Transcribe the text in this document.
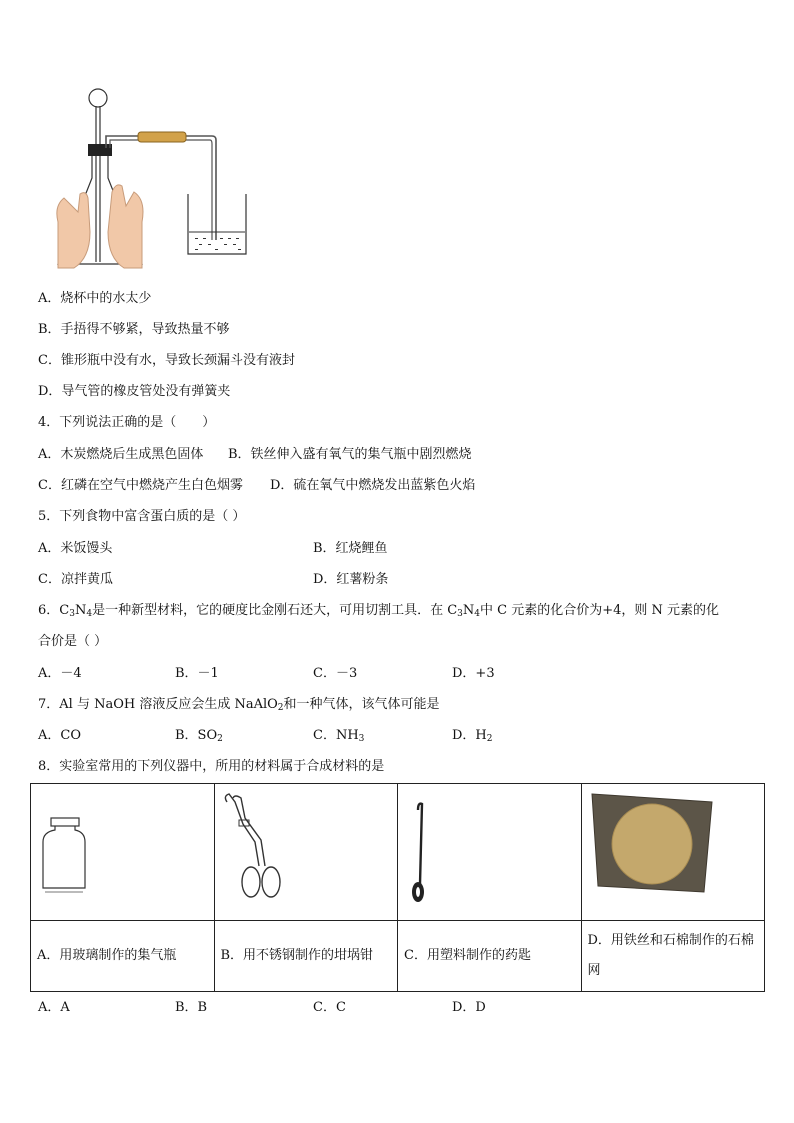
A．烧杯中的水太少
B．手捂得不够紧，导致热量不够
C．锥形瓶中没有水，导致长颈漏斗没有液封
D．导气管的橡皮管处没有弹簧夹
4．下列说法正确的是（　　）
A．木炭燃烧后生成黑色固体 B．铁丝伸入盛有氧气的集气瓶中剧烈燃烧
C．红磷在空气中燃烧产生白色烟雾 D．硫在氧气中燃烧发出蓝紫色火焰
5．下列食物中富含蛋白质的是（ ）
A．米饭馒头	B．红烧鲤鱼
C．凉拌黄瓜	D．红薯粉条
6．$C_3N_4$是一种新型材料，它的硬度比金刚石还大，可用切割工具．在 $C_3N_4$中 C 元素的化合价为+4，则 N 元素的化
合价是（ ）
A．－4	B．－1	C．－3	D．+3
7．Al 与 NaOH 溶液反应会生成 NaAlO$_2$和一种气体，该气体可能是
A．CO	B．$SO_2$	C．$NH_3$	D．$H_2$
8．实验室常用的下列仪器中，所用的材料属于合成材料的是

A．用玻璃制作的集气瓶	B．用不锈钢制作的坩埚钳	C．用塑料制作的药匙	D．用铁丝和石棉制作的石棉网
A．A	B．B	C．C	D．D
